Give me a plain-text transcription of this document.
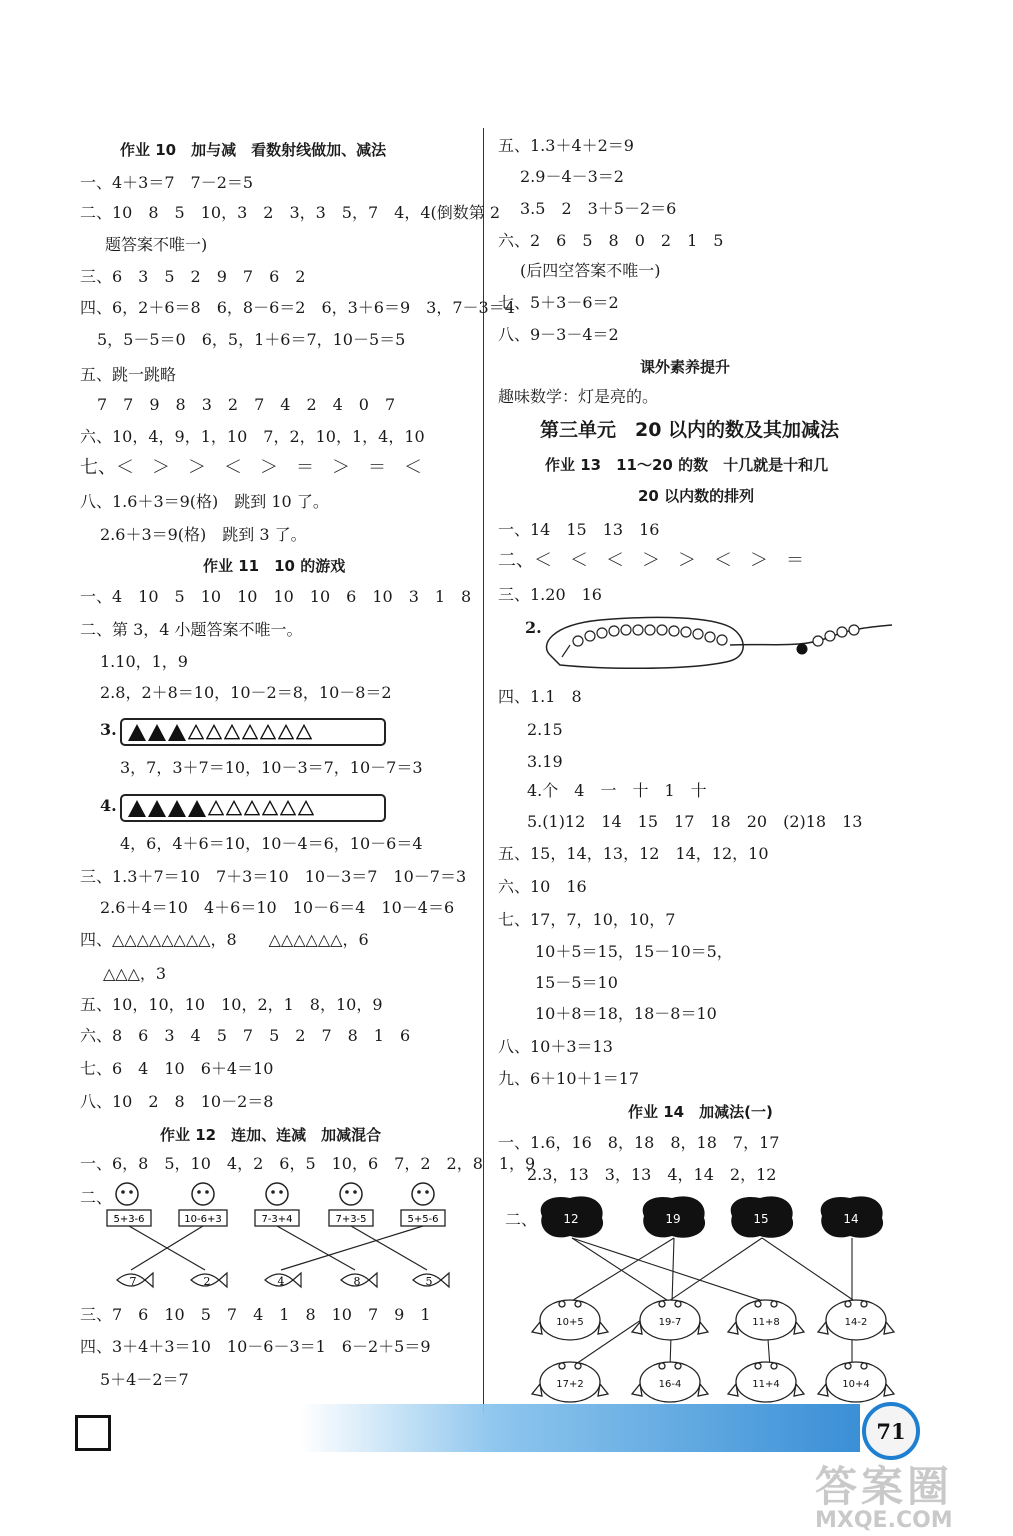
作业 10　加与减　看数射线做加、减法
一、4＋3＝7　7－2＝5
二、10　8　5　10，3　2　3，3　5，7　4，4(倒数第 2
题答案不唯一)
三、6　3　5　2　9　7　6　2
四、6，2＋6＝8　6，8－6＝2　6，3＋6＝9　3，7－3＝4
5，5－5＝0　6，5，1＋6＝7，10－5＝5
五、跳一跳略
7　7　9　8　3　2　7　4　2　4　0　7
六、10，4，9，1，10　7，2，10，1，4，10
七、＜　＞　＞　＜　＞　＝　＞　＝　＜
八、1.6＋3＝9(格)　跳到 10 了。
2.6＋3＝9(格)　跳到 3 了。
作业 11　10 的游戏
一、4　10　5　10　10　10　10　6　10　3　1　8
二、第 3，4 小题答案不唯一。
1.10，1，9
2.8，2＋8＝10，10－2＝8，10－8＝2
3.
3，7，3＋7＝10，10－3＝7，10－7＝3
4.
4，6，4＋6＝10，10－4＝6，10－6＝4
三、1.3＋7＝10　7＋3＝10　10－3＝7　10－7＝3
2.6＋4＝10　4＋6＝10　10－6＝4　10－4＝6
四、△△△△△△△△，8　　△△△△△△，6
△△△，3
五、10，10，10　10，2，1　8，10，9
六、8　6　3　4　5　7　5　2　7　8　1　6
七、6　4　10　6＋4＝10
八、10　2　8　10－2＝8
作业 12　连加、连减　加减混合
一、6，8　5，10　4，2　6，5　10，6　7，2　2，8　1，9
二、
5+3-6	10-6+3	7-3+4	7+3-5	5+5-6
7	2	4	8	5
三、7　6　10　5　7　4　1　8　10　7　9　1
四、3＋4＋3＝10　10－6－3＝1　6－2＋5＝9
5＋4－2＝7
五、1.3＋4＋2＝9
2.9－4－3＝2
3.5　2　3＋5－2＝6
六、2　6　5　8　0　2　1　5
(后四空答案不唯一)
七、5＋3－6＝2
八、9－3－4＝2
课外素养提升
趣味数学：灯是亮的。
第三单元　20 以内的数及其加减法
作业 13　11～20 的数　十几就是十和几
20 以内数的排列
一、14　15　13　16
二、＜　＜　＜　＞　＞　＜　＞　＝
三、1.20　16
2.
四、1.1　8
2.15
3.19
4.个　4　一　十　1　十
5.(1)12　14　15　17　18　20　(2)18　13
五、15，14，13，12　14，12，10
六、10　16
七、17，7，10，10，7
10＋5＝15，15－10＝5，
15－5＝10
10＋8＝18，18－8＝10
八、10＋3＝13
九、6＋10＋1＝17
作业 14　加减法(一)
一、1.6，16　8，18　8，18　7，17
2.3，13　3，13　4，14　2，12
二、 12	19	15	14
10+5	19-7	11+8	14-2
17+2	16-4	11+4	10+4
71
答案圈
MXQE.COM
